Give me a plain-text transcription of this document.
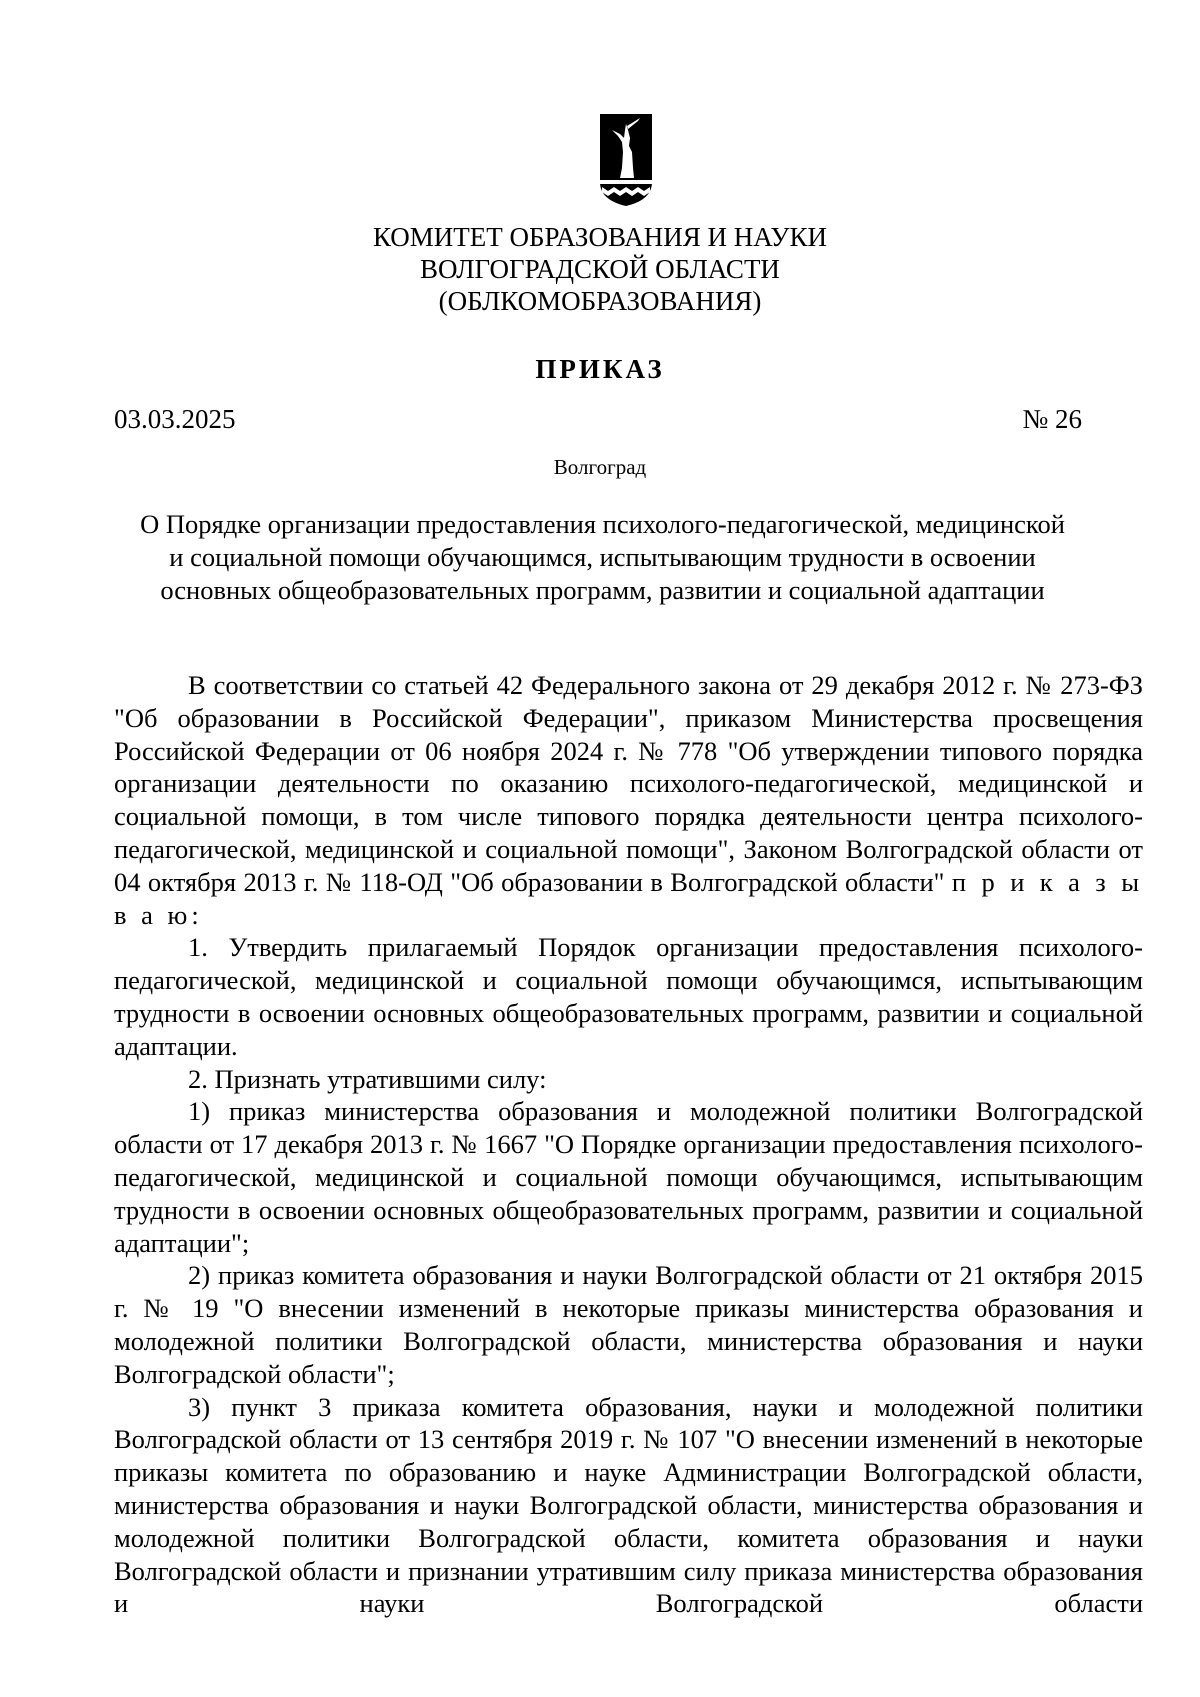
КОМИТЕТ ОБРАЗОВАНИЯ И НАУКИ
ВОЛГОГРАДСКОЙ ОБЛАСТИ
(ОБЛКОМОБРАЗОВАНИЯ)
ПРИКАЗ
03.03.2025	№ 26
Волгоград
О Порядке организации предоставления психолого-педагогической, медицинской
и социальной помощи обучающимся, испытывающим трудности в освоении
основных общеобразовательных программ, развитии и социальной адаптации

В соответствии со статьей 42 Федерального закона от 29 декабря 2012 г. № 273-ФЗ "Об образовании в Российской Федерации", приказом Министерства просвещения Российской Федерации от 06 ноября 2024 г. № 778 "Об утверждении типового порядка организации деятельности по оказанию психолого-педагогической, медицинской и социальной помощи, в том числе типового порядка деятельности центра психолого-педагогической, медицинской и социальной помощи", Законом Волгоградской области от 04 октября 2013 г. № 118-ОД "Об образовании в Волгоградской области" п р и к а з ы в а ю:

1. Утвердить прилагаемый Порядок организации предоставления психолого-педагогической, медицинской и социальной помощи обучающимся, испытывающим трудности в освоении основных общеобразовательных программ, развитии и социальной адаптации.

2. Признать утратившими силу:

1) приказ министерства образования и молодежной политики Волгоградской области от 17 декабря 2013 г. № 1667 "О Порядке организации предоставления психолого-педагогической, медицинской и социальной помощи обучающимся, испытывающим трудности в освоении основных общеобразовательных программ, развитии и социальной адаптации";

2) приказ комитета образования и науки Волгоградской области от 21 октября 2015 г. № 19 "О внесении изменений в некоторые приказы министерства образования и молодежной политики Волгоградской области, министерства образования и науки Волгоградской области";

3) пункт 3 приказа комитета образования, науки и молодежной политики Волгоградской области от 13 сентября 2019 г. № 107 "О внесении изменений в некоторые приказы комитета по образованию и науке Администрации Волгоградской области, министерства образования и науки Волгоградской области, министерства образования и молодежной политики Волгоградской области, комитета образования и науки Волгоградской области и признании утратившим силу приказа министерства образования и науки Волгоградской области
